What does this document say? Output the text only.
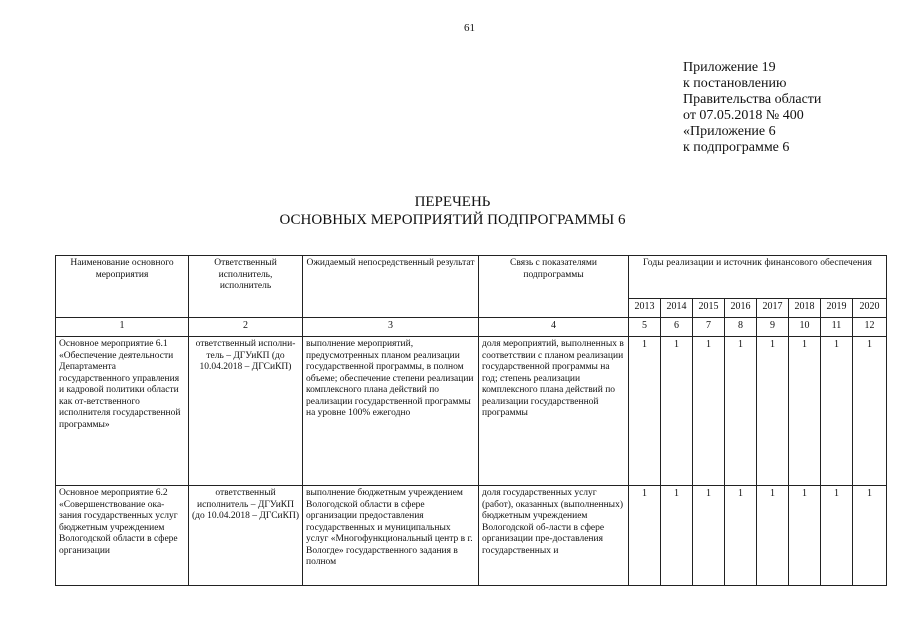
61
Приложение 19
к постановлению
Правительства области
от 07.05.2018 № 400
«Приложение 6
к подпрограмме 6
ПЕРЕЧЕНЬ
ОСНОВНЫХ МЕРОПРИЯТИЙ ПОДПРОГРАММЫ 6
Наименование основного мероприятия	Ответственный исполнитель, исполнитель	Ожидаемый непосредственный результат	Связь с показателями подпрограммы	Годы реализации и источник финансового обеспечения							
				2013	2014	2015	2016	2017	2018	2019	2020
1	2	3	4	5	6	7	8	9	10	11	12
Основное мероприятие 6.1 «Обеспечение деятельности Департамента государственного управления и кадровой политики области как от-ветственного исполнителя государственной программы»	ответственный исполни-тель – ДГУиКП (до 10.04.2018 – ДГСиКП)	выполнение мероприятий, предусмотренных планом реализации государственной программы, в полном объеме; обеспечение степени реализации комплексного плана действий по реализации государственной программы на уровне 100% ежегодно	доля мероприятий, выполненных в соответствии с планом реализации государственной программы на год; степень реализации комплексного плана действий по реализации государственной программы	1	1	1	1	1	1	1	1
Основное мероприятие 6.2 «Совершенствование ока-зания государственных услуг бюджетным учреждением Вологодской области в сфере организации	ответственный исполнитель – ДГУиКП (до 10.04.2018 – ДГСиКП)	выполнение бюджетным учреждением Вологодской области в сфере организации предоставления государственных и муниципальных услуг «Многофункциональный центр в г. Вологде» государственного задания в полном	доля государственных услуг (работ), оказанных (выполненных) бюджетным учреждением Вологодской об-ласти в сфере организации пре-доставления государственных и	1	1	1	1	1	1	1	1
